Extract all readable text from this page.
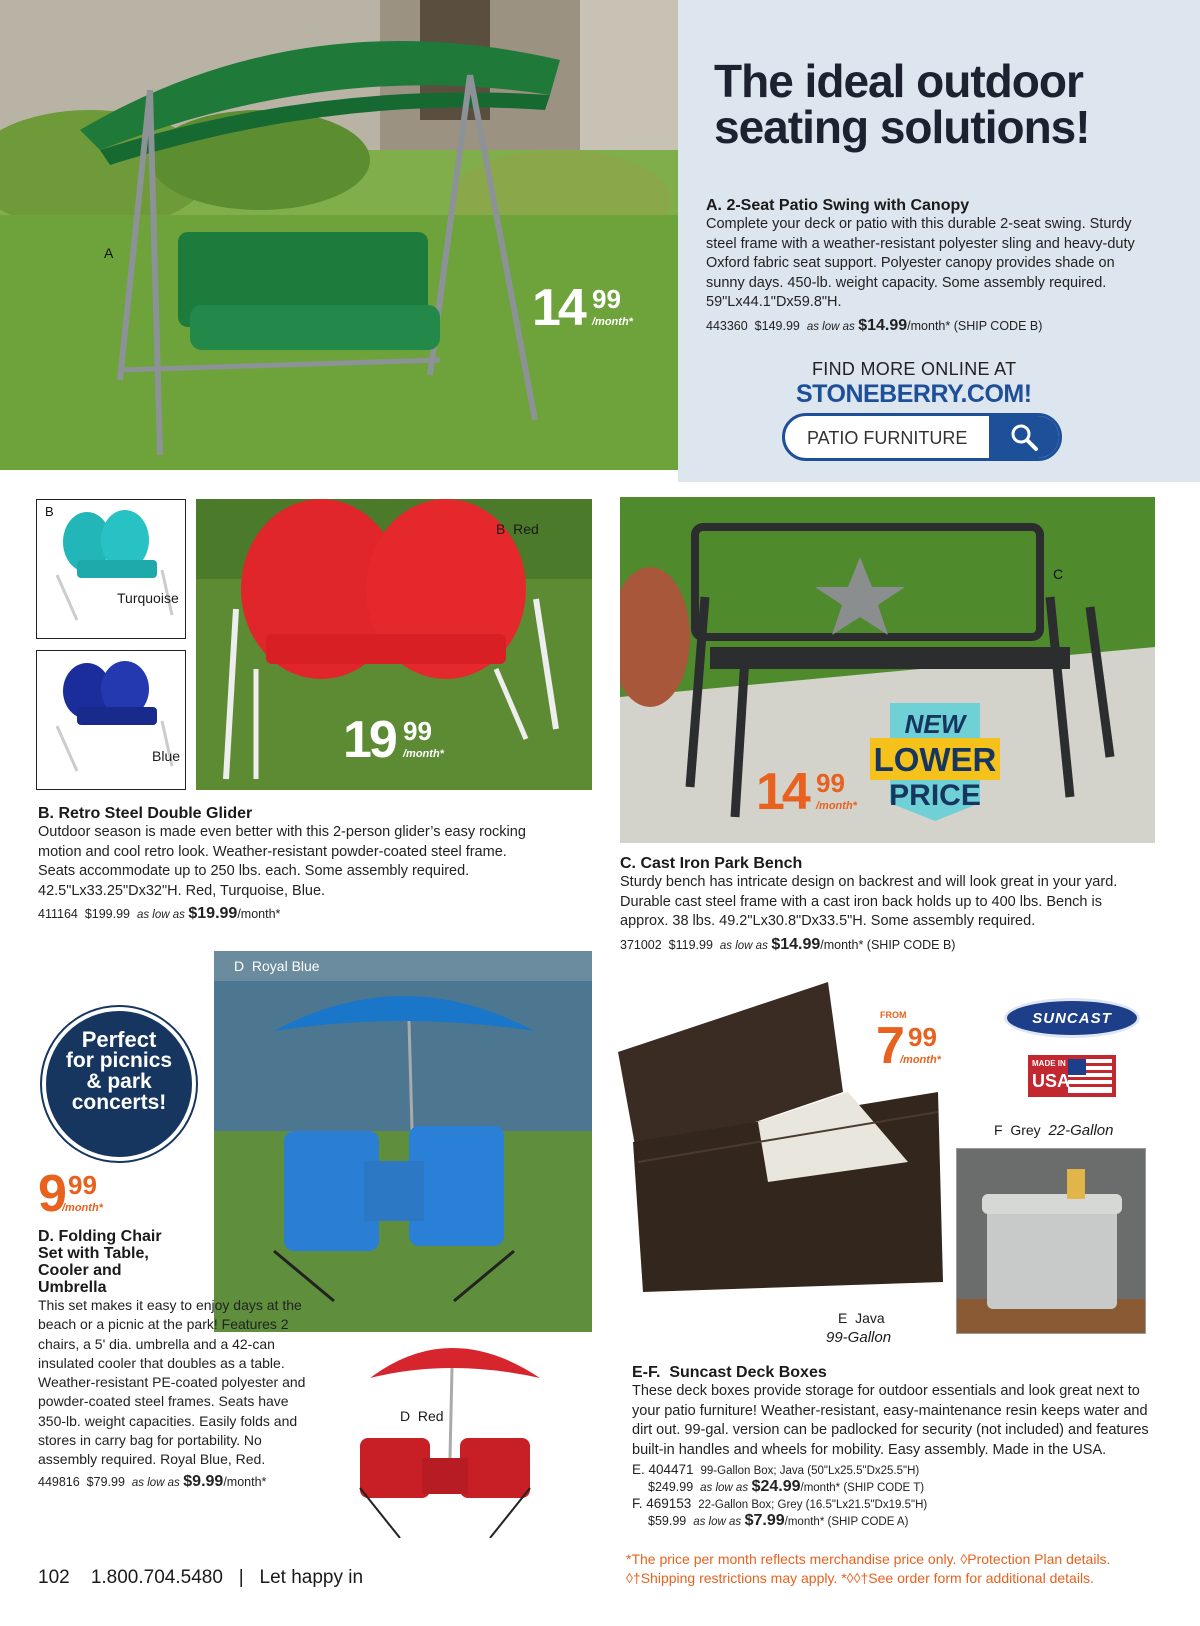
A
14 99
/month*
The ideal outdoor
seating solutions!
A. 2-Seat Patio Swing with Canopy
Complete your deck or patio with this durable 2-seat swing. Sturdy steel frame with a weather-resistant polyester sling and heavy-duty Oxford fabric seat support. Polyester canopy provides shade on sunny days. 450-lb. weight capacity. Some assembly required. 59"Lx44.1"Dx59.8"H.
443360 $149.99 as low as $14.99/month* (SHIP CODE B)
FIND MORE ONLINE AT
STONEBERRY.COM!
PATIO FURNITURE
B
Turquoise
Blue
B  Red
19 99
/month*
B. Retro Steel Double Glider
Outdoor season is made even better with this 2-person glider’s easy rocking motion and cool retro look. Weather-resistant powder-coated steel frame. Seats accommodate up to 250 lbs. each. Some assembly required. 42.5"Lx33.25"Dx32"H. Red, Turquoise, Blue.
411164 $199.99 as low as $19.99/month*
C
NEW
LOWER
PRICE
14 99
/month*
C. Cast Iron Park Bench
Sturdy bench has intricate design on backrest and will look great in your yard. Durable cast steel frame with a cast iron back holds up to 400 lbs. Bench is approx. 38 lbs. 49.2"Lx30.8"Dx33.5"H. Some assembly required.
371002 $119.99 as low as $14.99/month* (SHIP CODE B)
Perfect
for picnics
& park
concerts!
9 99
/month*
D  Royal Blue
D  Red
D. Folding Chair Set with Table, Cooler and Umbrella
This set makes it easy to enjoy days at the beach or a picnic at the park! Features 2 chairs, a 5' dia. umbrella and a 42-can insulated cooler that doubles as a table. Weather-resistant PE-coated polyester and powder-coated steel frames. Seats have 350-lb. weight capacities. Easily folds and stores in carry bag for portability. No assembly required. Royal Blue, Red.
449816 $79.99 as low as $9.99/month*
E  Java
99-Gallon
FROM
7 99
/month*
SUNCAST
MADE IN
USA
F  Grey 22-Gallon
E-F.  Suncast Deck Boxes
These deck boxes provide storage for outdoor essentials and look great next to your patio furniture! Weather-resistant, easy-maintenance resin keeps water and dirt out. 99-gal. version can be padlocked for security (not included) and features built-in handles and wheels for mobility. Easy assembly. Made in the USA.
E. 404471 99-Gallon Box; Java (50"Lx25.5"Dx25.5"H)
$249.99 as low as $24.99/month* (SHIP CODE T)
F. 469153 22-Gallon Box; Grey (16.5"Lx21.5"Dx19.5"H)
$59.99 as low as $7.99/month* (SHIP CODE A)
102 1.800.704.5480 | Let happy in
*The price per month reflects merchandise price only. ◊Protection Plan details.
◊†Shipping restrictions may apply. *◊◊†See order form for additional details.
